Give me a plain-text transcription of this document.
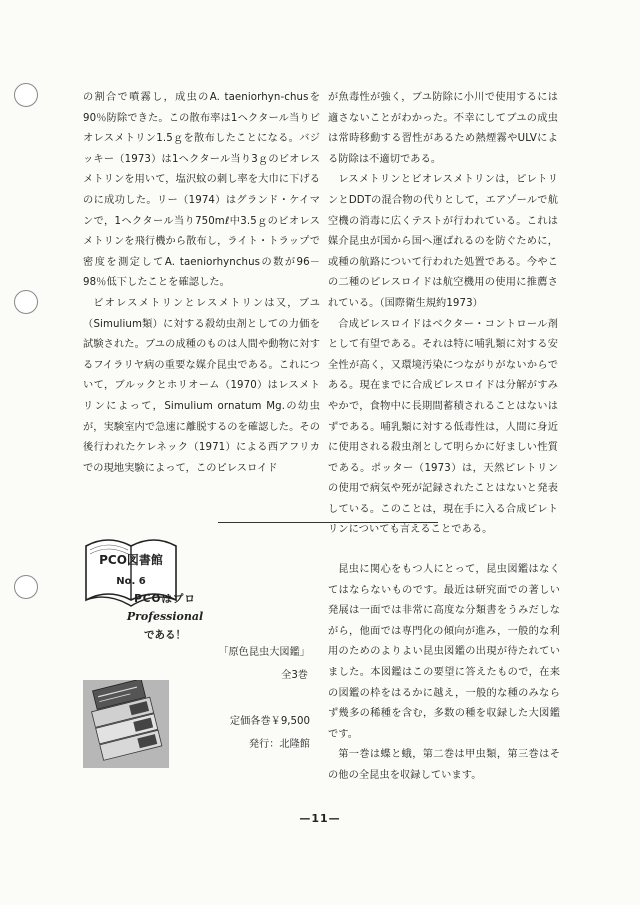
の割合で噴霧し，成虫のA. taeniorhyn-chusを90％防除できた。この散布率は1ヘクタール当りビオレスメトリン1.5ｇを散布したことになる。バジッキー（1973）は1ヘクタール当り3ｇのビオレスメトリンを用いて，塩沢蚊の刺し率を大巾に下げるのに成功した。リー（1974）はグランド・ケイマンで，1ヘクタール当り750mℓ中3.5ｇのビオレスメトリンを飛行機から散布し，ライト・トラップで密度を測定してA. taeniorhynchusの数が96－98％低下したことを確認した。

ビオレスメトリンとレスメトリンは又，ブユ（Simulium類）に対する殺幼虫剤としての力価を試験された。ブユの成種のものは人間や動物に対するフイラリヤ病の重要な媒介昆虫である。これについて，ブルックとホリオーム（1970）はレスメトリンによって，Simulium ornatum Mg.の幼虫が，実験室内で急速に離脱するのを確認した。その後行われたケレネック（1971）による西アフリカでの現地実験によって，このピレスロイド

が魚毒性が強く，ブユ防除に小川で使用するには適さないことがわかった。不幸にしてブユの成虫は常時移動する習性があるため熱煙霧やULVによる防除は不適切である。

レスメトリンとビオレスメトリンは，ピレトリンとDDTの混合物の代りとして，エアゾールで航空機の消毒に広くテストが行われている。これは媒介昆虫が国から国へ運ばれるのを防ぐために，或種の航路について行われた処置である。今やこの二種のピレスロイドは航空機用の使用に推薦されている。（国際衛生規約1973）

合成ピレスロイドはベクター・コントロール剤として有望である。それは特に哺乳類に対する安全性が高く，又環境汚染につながりがないからである。現在までに合成ピレスロイドは分解がすみやかで，食物中に長期間蓄積されることはないはずである。哺乳類に対する低毒性は，人間に身近に使用される殺虫剤として明らかに好ましい性質である。ポッター（1973）は，天然ピレトリンの使用で病気や死が記録されたことはないと発表している。このことは，現在手に入る合成ピレトリンについても言えることである。

PCO図書館
No. 6
PCOはプロ
Professional
である！
「原色昆虫大図鑑」
全3巻
定価各巻￥9,500
発行：北隆館

昆虫に関心をもつ人にとって，昆虫図鑑はなくてはならないものです。最近は研究面での著しい発展は一面では非常に高度な分類書をうみだしながら，他面では専門化の傾向が進み，一般的な利用のためのよりよい昆虫図鑑の出現が待たれていました。本図鑑はこの要望に答えたもので，在来の図鑑の枠をはるかに越え，一般的な種のみならず幾多の稀種を含む，多数の種を収録した大図鑑です。

第一巻は蝶と蛾，第二巻は甲虫類，第三巻はその他の全昆虫を収録しています。

—11—
